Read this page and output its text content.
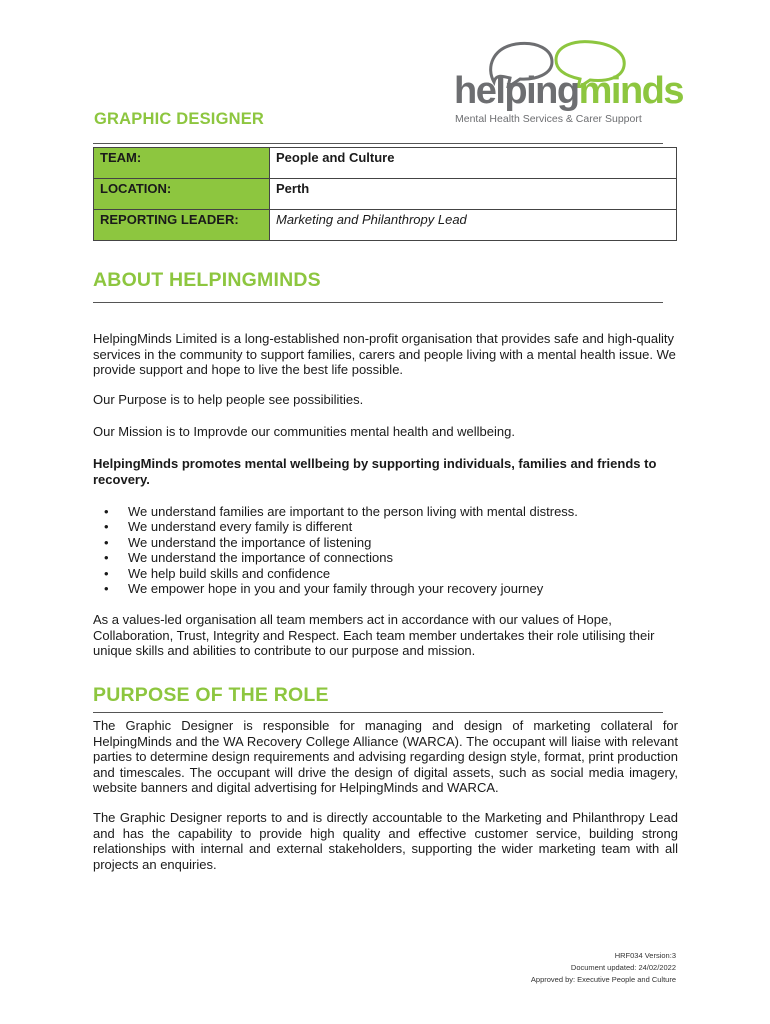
helpingminds
Mental Health Services & Carer Support
GRAPHIC DESIGNER
TEAM:	People and Culture
LOCATION:	Perth
REPORTING LEADER:	Marketing and Philanthropy Lead
ABOUT HELPINGMINDS

HelpingMinds Limited is a long-established non-profit organisation that provides safe and high-quality services in the community to support families, carers and people living with a mental health issue. We provide support and hope to live the best life possible.

Our Purpose is to help people see possibilities.

Our Mission is to Improvde our communities mental health and wellbeing.

HelpingMinds promotes mental wellbeing by supporting individuals, families and friends to recovery.

• We understand families are important to the person living with mental distress.
• We understand every family is different
• We understand the importance of listening
• We understand the importance of connections
• We help build skills and confidence
• We empower hope in you and your family through your recovery journey

As a values-led organisation all team members act in accordance with our values of Hope, Collaboration, Trust, Integrity and Respect. Each team member undertakes their role utilising their unique skills and abilities to contribute to our purpose and mission.

PURPOSE OF THE ROLE

The Graphic Designer is responsible for managing and design of marketing collateral for HelpingMinds and the WA Recovery College Alliance (WARCA). The occupant will liaise with relevant parties to determine design requirements and advising regarding design style, format, print production and timescales. The occupant will drive the design of digital assets, such as social media imagery, website banners and digital advertising for HelpingMinds and WARCA.

The Graphic Designer reports to and is directly accountable to the Marketing and Philanthropy Lead and has the capability to provide high quality and effective customer service, building strong relationships with internal and external stakeholders, supporting the wider marketing team with all projects an enquiries.

HRF034 Version:3
Document updated: 24/02/2022
Approved by: Executive People and Culture
